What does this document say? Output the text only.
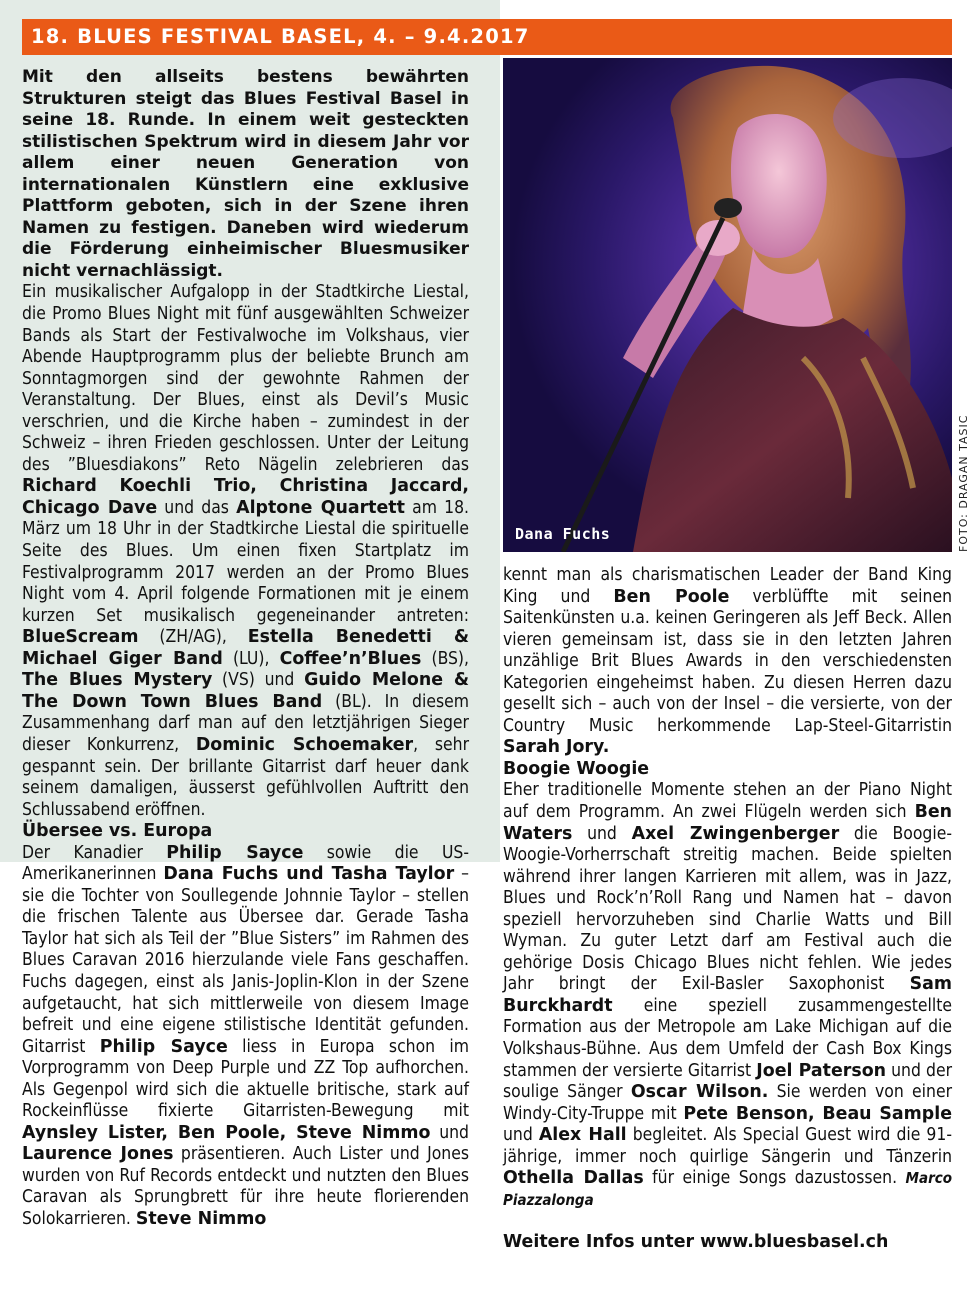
18. BLUES FESTIVAL BASEL, 4. – 9.4.2017
Dana Fuchs	FOTO: DRAGAN TASIC

Mit den allseits bestens bewährten Strukturen steigt das Blues Festival Basel in seine 18. Runde. In einem weit gesteckten stilistischen Spektrum wird in diesem Jahr vor allem einer neuen Generation von internationalen Künstlern eine exklusive Plattform geboten, sich in der Szene ihren Namen zu festigen. Daneben wird wiederum die Förderung einheimischer Bluesmusiker nicht vernachlässigt.

Ein musikalischer Aufgalopp in der Stadtkirche Liestal, die Promo Blues Night mit fünf ausgewählten Schweizer Bands als Start der Festivalwoche im Volkshaus, vier Abende Hauptprogramm plus der beliebte Brunch am Sonntagmorgen sind der gewohnte Rahmen der Veranstaltung. Der Blues, einst als Devil’s Music verschrien, und die Kirche haben – zumindest in der Schweiz – ihren Frieden geschlossen. Unter der Leitung des ”Bluesdiakons” Reto Nägelin zelebrieren das Richard Koechli Trio, Christina Jaccard, Chicago Dave und das Alptone Quartett am 18. März um 18 Uhr in der Stadtkirche Liestal die spirituelle Seite des Blues. Um einen fixen Startplatz im Festivalprogramm 2017 werden an der Promo Blues Night vom 4. April folgende Formationen mit je einem kurzen Set musikalisch gegeneinander antreten: BlueScream (ZH/AG), Estella Benedetti & Michael Giger Band (LU), Coffee’n’Blues (BS), The Blues Mystery (VS) und Guido Melone & The Down Town Blues Band (BL). In diesem Zusammenhang darf man auf den letztjährigen Sieger dieser Konkurrenz, Dominic Schoemaker, sehr gespannt sein. Der brillante Gitarrist darf heuer dank seinem damaligen, äusserst gefühlvollen Auftritt den Schlussabend eröffnen.

Übersee vs. Europa

Der Kanadier Philip Sayce sowie die US-Amerikanerinnen Dana Fuchs und Tasha Taylor – sie die Tochter von Soullegende Johnnie Taylor – stellen die frischen Talente aus Übersee dar. Gerade Tasha Taylor hat sich als Teil der ”Blue Sisters” im Rahmen des Blues Caravan 2016 hierzulande viele Fans geschaffen. Fuchs dagegen, einst als Janis-Joplin-Klon in der Szene aufgetaucht, hat sich mittlerweile von diesem Image befreit und eine eigene stilistische Identität gefunden. Gitarrist Philip Sayce liess in Europa schon im Vorprogramm von Deep Purple und ZZ Top aufhorchen. Als Gegenpol wird sich die aktuelle britische, stark auf Rockeinflüsse fixierte Gitarristen-Bewegung mit Aynsley Lister, Ben Poole, Steve Nimmo und Laurence Jones präsentieren. Auch Lister und Jones wurden von Ruf Records entdeckt und nutzten den Blues Caravan als Sprungbrett für ihre heute florierenden Solokarrieren. Steve Nimmo

kennt man als charismatischen Leader der Band King King und Ben Poole verblüffte mit seinen Saitenkünsten u.a. keinen Geringeren als Jeff Beck. Allen vieren gemeinsam ist, dass sie in den letzten Jahren unzählige Brit Blues Awards in den verschiedensten Kategorien eingeheimst haben. Zu diesen Herren dazu gesellt sich – auch von der Insel – die versierte, von der Country Music herkommende Lap-Steel-Gitarristin Sarah Jory.

Boogie Woogie

Eher traditionelle Momente stehen an der Piano Night auf dem Programm. An zwei Flügeln werden sich Ben Waters und Axel Zwingenberger die Boogie-Woogie-Vorherrschaft streitig machen. Beide spielten während ihrer langen Karrieren mit allem, was in Jazz, Blues und Rock’n’Roll Rang und Namen hat – davon speziell hervorzuheben sind Charlie Watts und Bill Wyman. Zu guter Letzt darf am Festival auch die gehörige Dosis Chicago Blues nicht fehlen. Wie jedes Jahr bringt der Exil-Basler Saxophonist Sam Burckhardt eine speziell zusammengestellte Formation aus der Metropole am Lake Michigan auf die Volkshaus-Bühne. Aus dem Umfeld der Cash Box Kings stammen der versierte Gitarrist Joel Paterson und der soulige Sänger Oscar Wilson. Sie werden von einer Windy-City-Truppe mit Pete Benson, Beau Sample und Alex Hall begleitet. Als Special Guest wird die 91-jährige, immer noch quirlige Sängerin und Tänzerin Othella Dallas für einige Songs dazustossen. Marco Piazzalonga

Weitere Infos unter www.bluesbasel.ch
